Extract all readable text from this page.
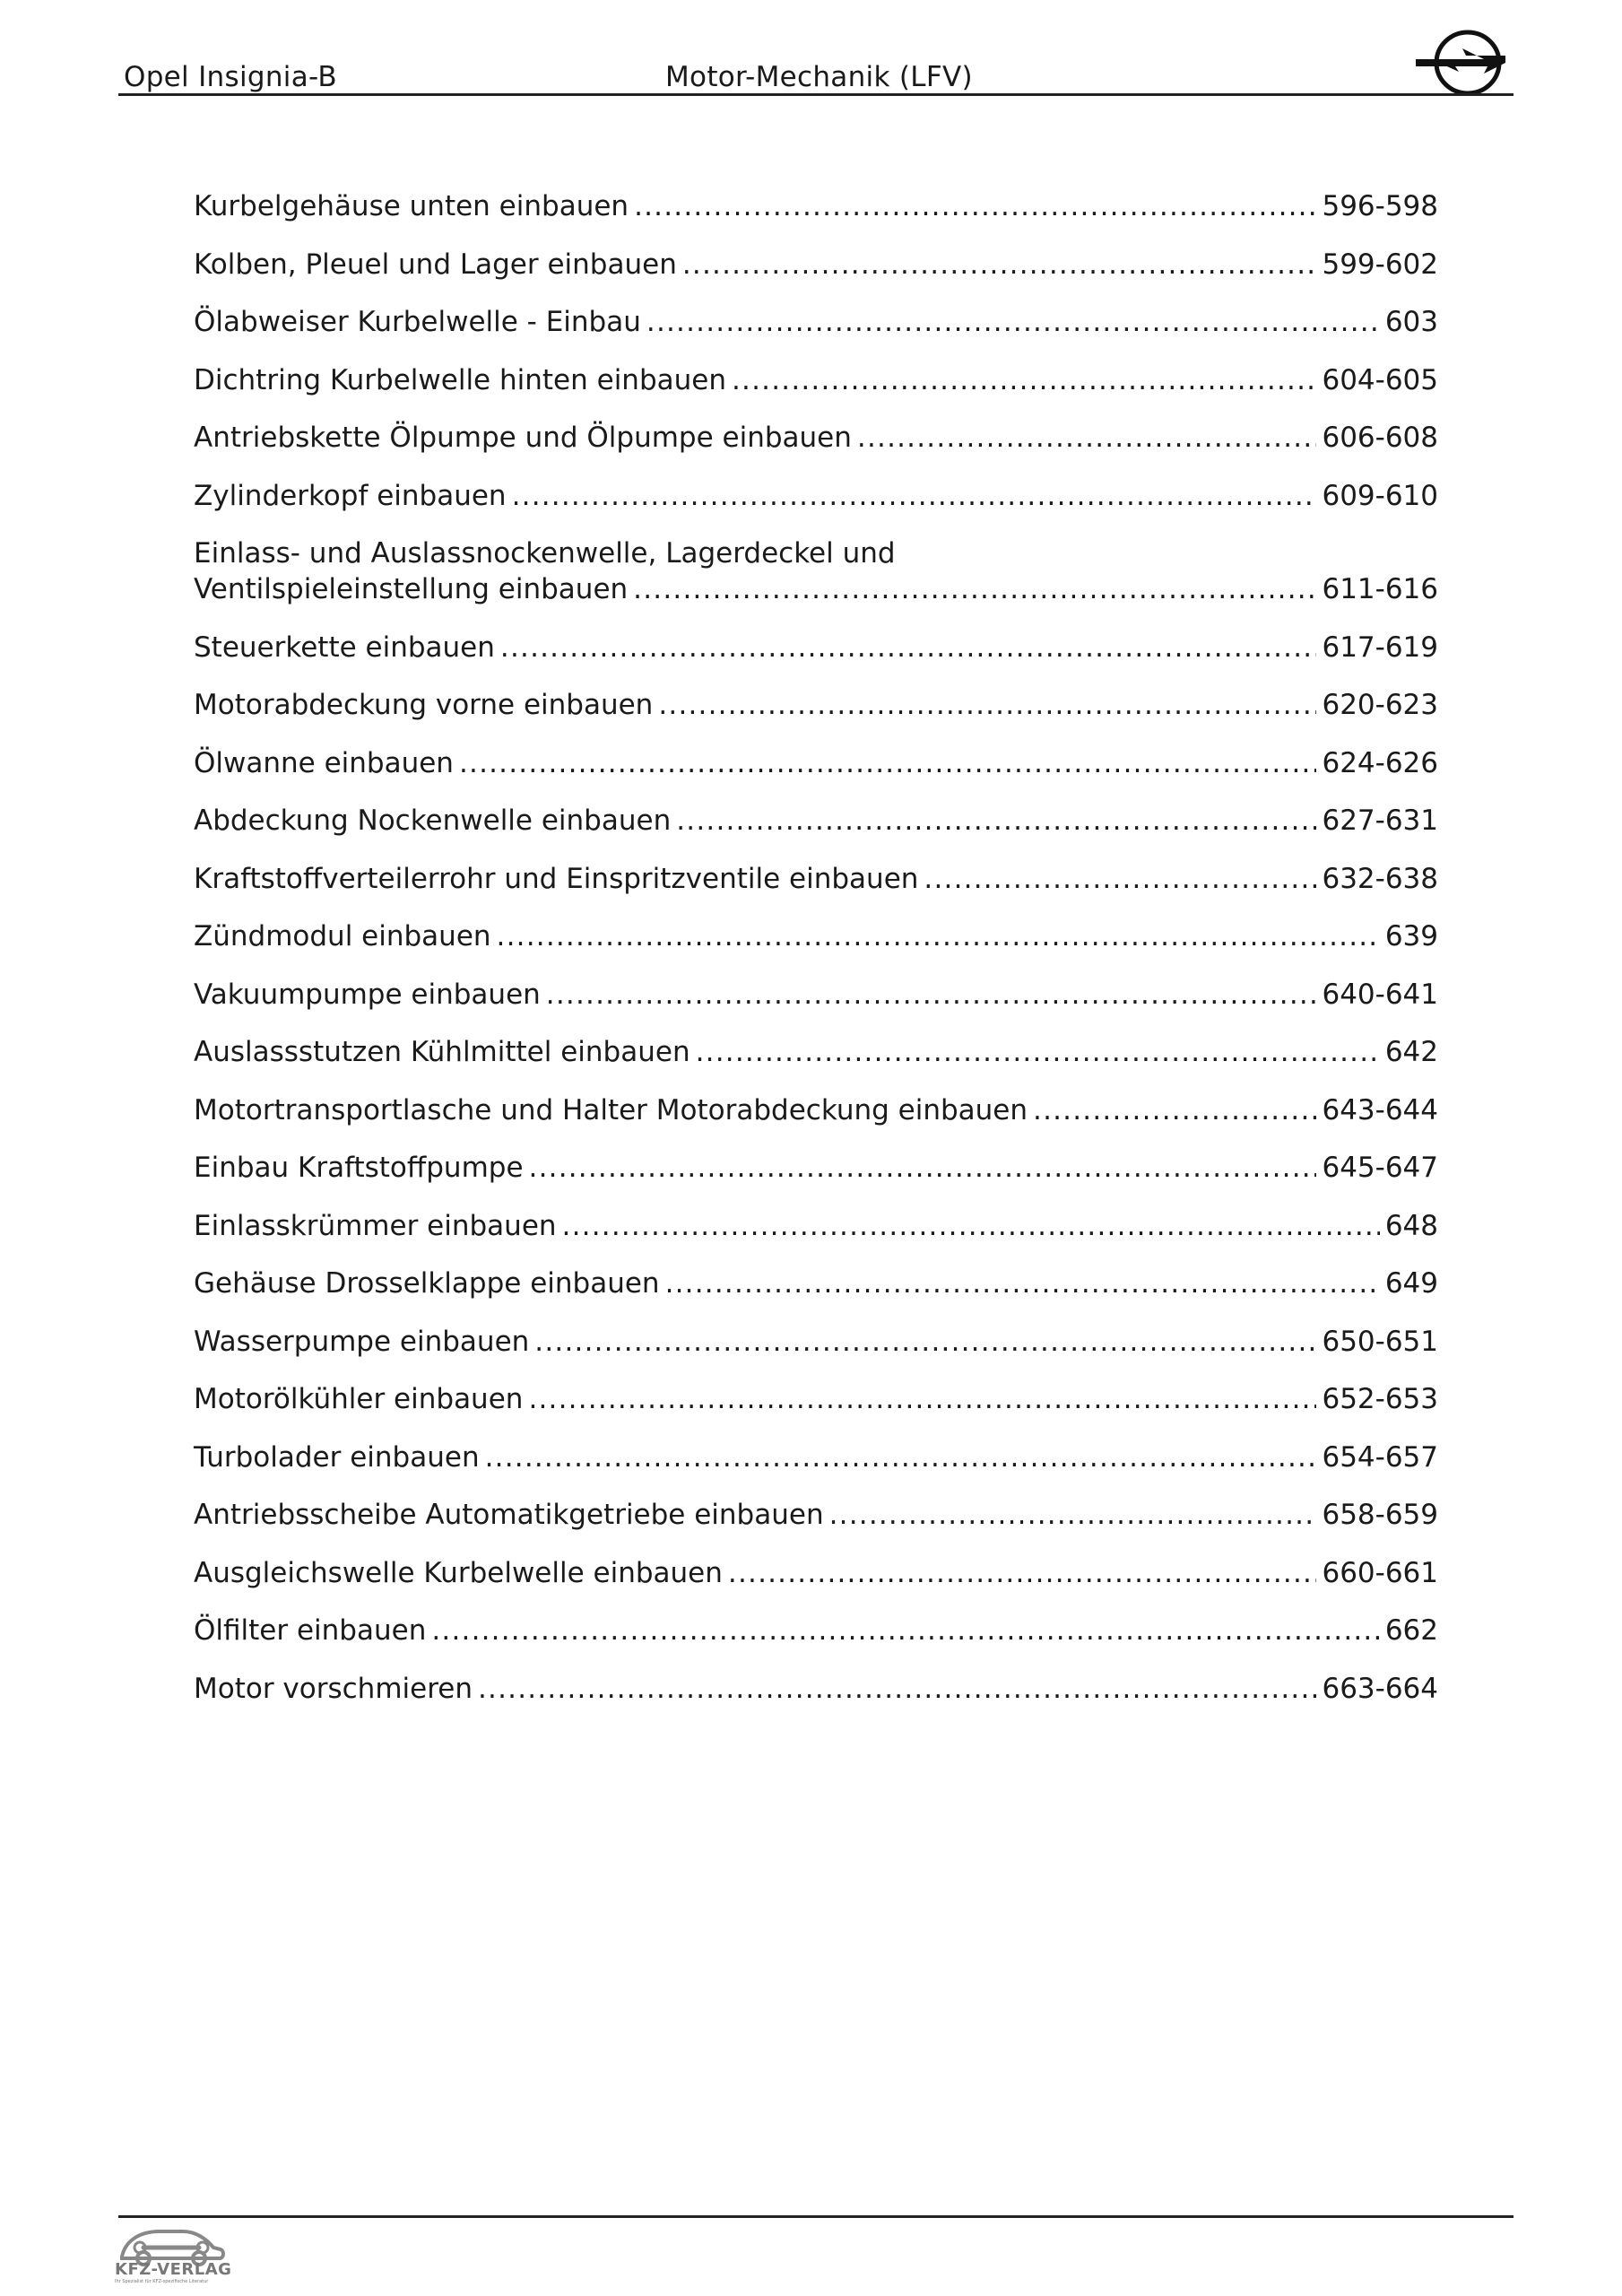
Opel Insignia-B	Motor-Mechanik (LFV)
Kurbelgehäuse unten einbauen .....	596-598
Kolben, Pleuel und Lager einbauen .....	599-602
Ölabweiser Kurbelwelle - Einbau .....	603
Dichtring Kurbelwelle hinten einbauen .....	604-605
Antriebskette Ölpumpe und Ölpumpe einbauen .....	606-608
Zylinderkopf einbauen .....	609-610
Einlass- und Auslassnockenwelle, Lagerdeckel und
Ventilspieleinstellung einbauen .....	611-616
Steuerkette einbauen .....	617-619
Motorabdeckung vorne einbauen .....	620-623
Ölwanne einbauen .....	624-626
Abdeckung Nockenwelle einbauen .....	627-631
Kraftstoffverteilerrohr und Einspritzventile einbauen .....	632-638
Zündmodul einbauen .....	639
Vakuumpumpe einbauen .....	640-641
Auslassstutzen Kühlmittel einbauen .....	642
Motortransportlasche und Halter Motorabdeckung einbauen .....	643-644
Einbau Kraftstoffpumpe .....	645-647
Einlasskrümmer einbauen .....	648
Gehäuse Drosselklappe einbauen .....	649
Wasserpumpe einbauen .....	650-651
Motorölkühler einbauen .....	652-653
Turbolader einbauen .....	654-657
Antriebsscheibe Automatikgetriebe einbauen .....	658-659
Ausgleichswelle Kurbelwelle einbauen .....	660-661
Ölfilter einbauen .....	662
Motor vorschmieren .....	663-664
KFZ-VERLAG
Ihr Spezialist für KFZ-spezifische Literatur
